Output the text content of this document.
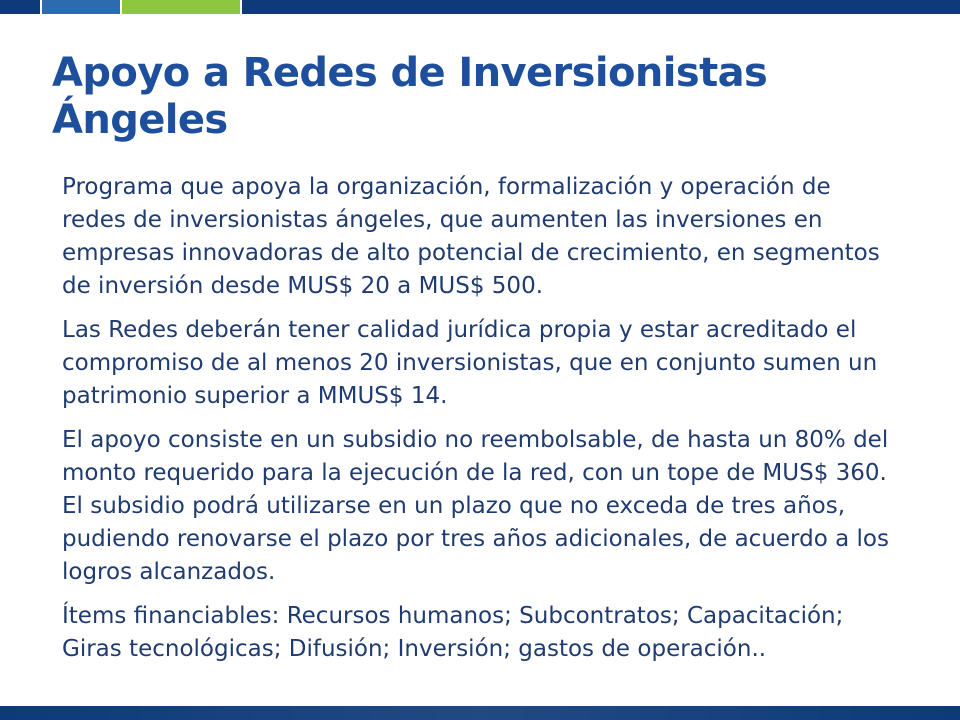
Apoyo a Redes de Inversionistas
Ángeles

Programa que apoya la organización, formalización y operación de
redes de inversionistas ángeles, que aumenten las inversiones en
empresas innovadoras de alto potencial de crecimiento, en segmentos
de inversión desde MUS$ 20 a MUS$ 500.

Las Redes deberán tener calidad jurídica propia y estar acreditado el
compromiso de al menos 20 inversionistas, que en conjunto sumen un
patrimonio superior a MMUS$ 14.

El apoyo consiste en un subsidio no reembolsable, de hasta un 80% del
monto requerido para la ejecución de la red, con un tope de MUS$ 360.
El subsidio podrá utilizarse en un plazo que no exceda de tres años,
pudiendo renovarse el plazo por tres años adicionales, de acuerdo a los
logros alcanzados.

Ítems financiables: Recursos humanos; Subcontratos; Capacitación;
Giras tecnológicas; Difusión; Inversión; gastos de operación..
